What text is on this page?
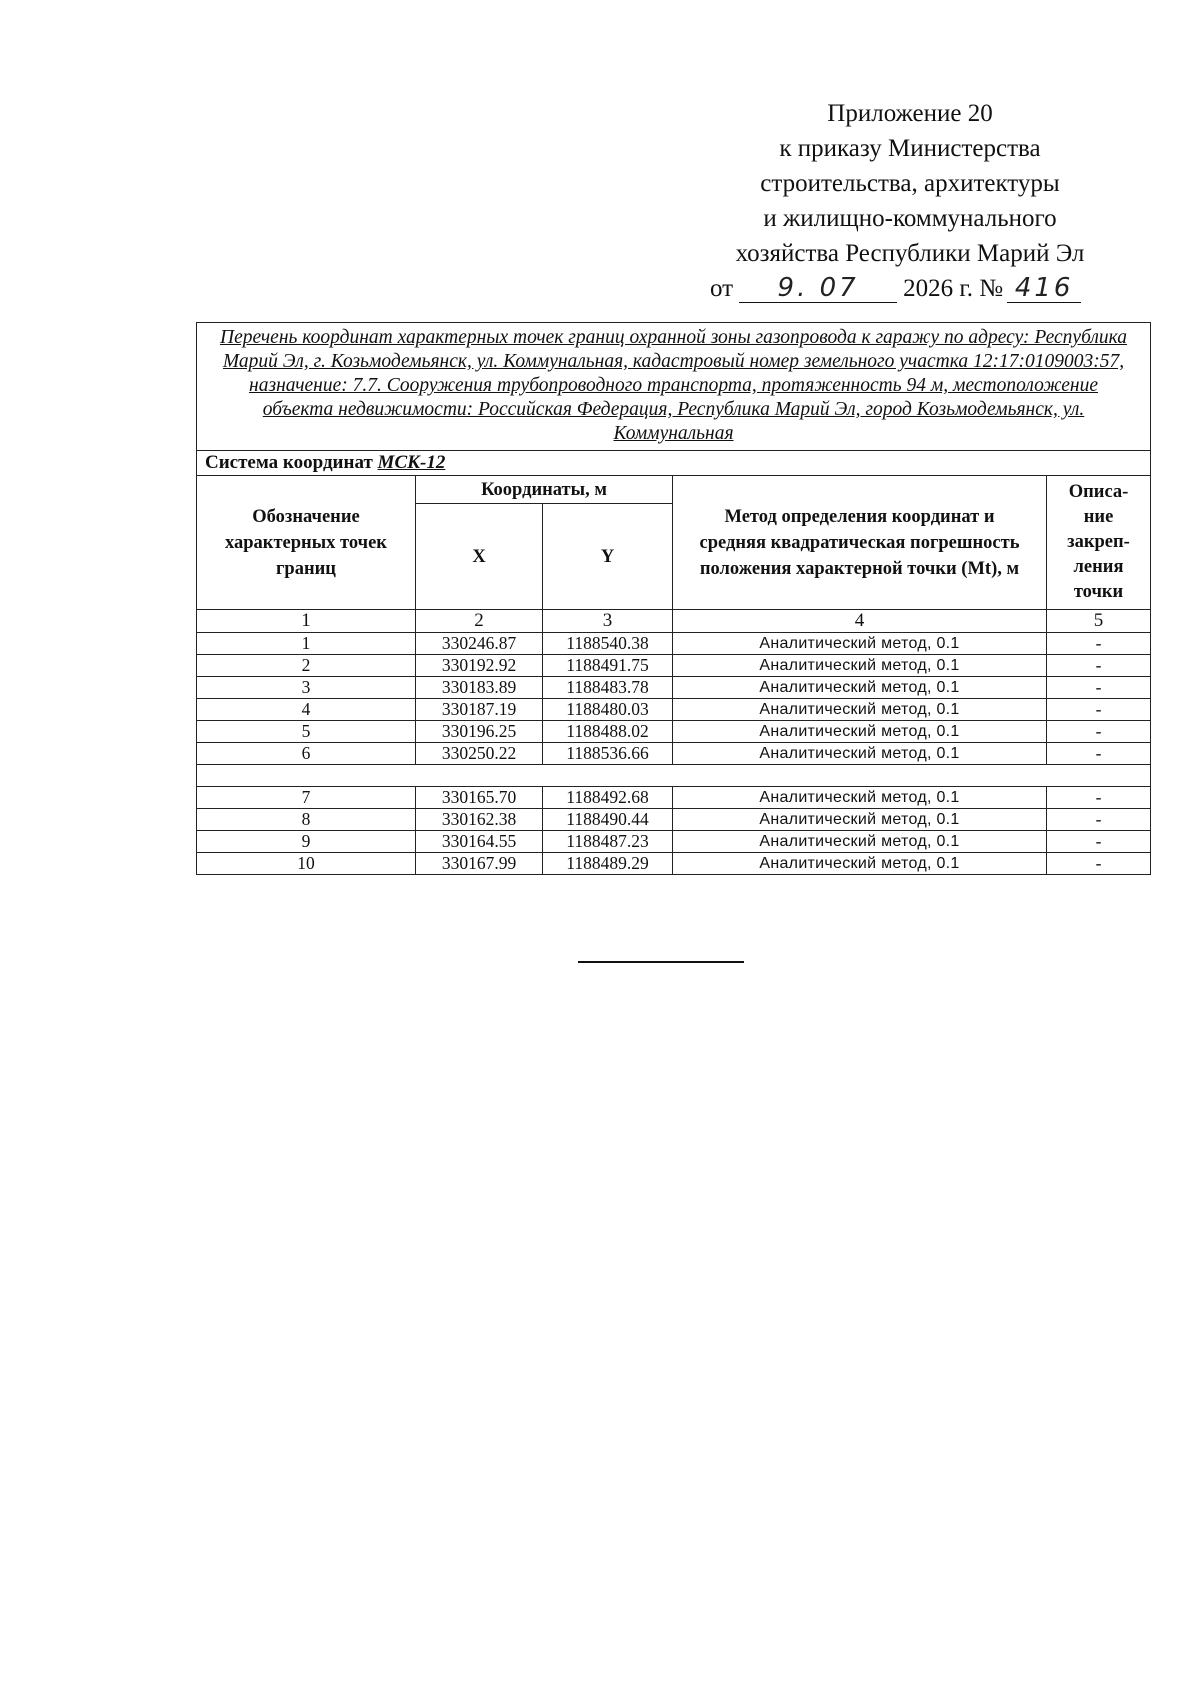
Приложение 20
к приказу Министерства
строительства, архитектуры
и жилищно-коммунального
хозяйства Республики Марий Эл
от 9. 07 2026 г. № 416
Перечень координат характерных точек границ охранной зоны газопровода к гаражу по адресу: Республика Марий Эл, г. Козьмодемьянск, ул. Коммунальная, кадастровый номер земельного участка 12:17:0109003:57, назначение: 7.7. Сооружения трубопроводного транспорта, протяженность 94 м, местоположение объекта недвижимости: Российская Федерация, Республика Марий Эл, город Козьмодемьянск, ул. Коммунальная				
Система координат МСК-12				
Обозначение характерных точек границ	Координаты, м		Метод определения координат и средняя квадратическая погрешность положения характерной точки (Mt), м	Описа-ние закреп-ления точки
	X	Y		
1	2	3	4	5
1	330246.87	1188540.38	Аналитический метод, 0.1	-
2	330192.92	1188491.75	Аналитический метод, 0.1	-
3	330183.89	1188483.78	Аналитический метод, 0.1	-
4	330187.19	1188480.03	Аналитический метод, 0.1	-
5	330196.25	1188488.02	Аналитический метод, 0.1	-
6	330250.22	1188536.66	Аналитический метод, 0.1	-

7	330165.70	1188492.68	Аналитический метод, 0.1	-
8	330162.38	1188490.44	Аналитический метод, 0.1	-
9	330164.55	1188487.23	Аналитический метод, 0.1	-
10	330167.99	1188489.29	Аналитический метод, 0.1	-
